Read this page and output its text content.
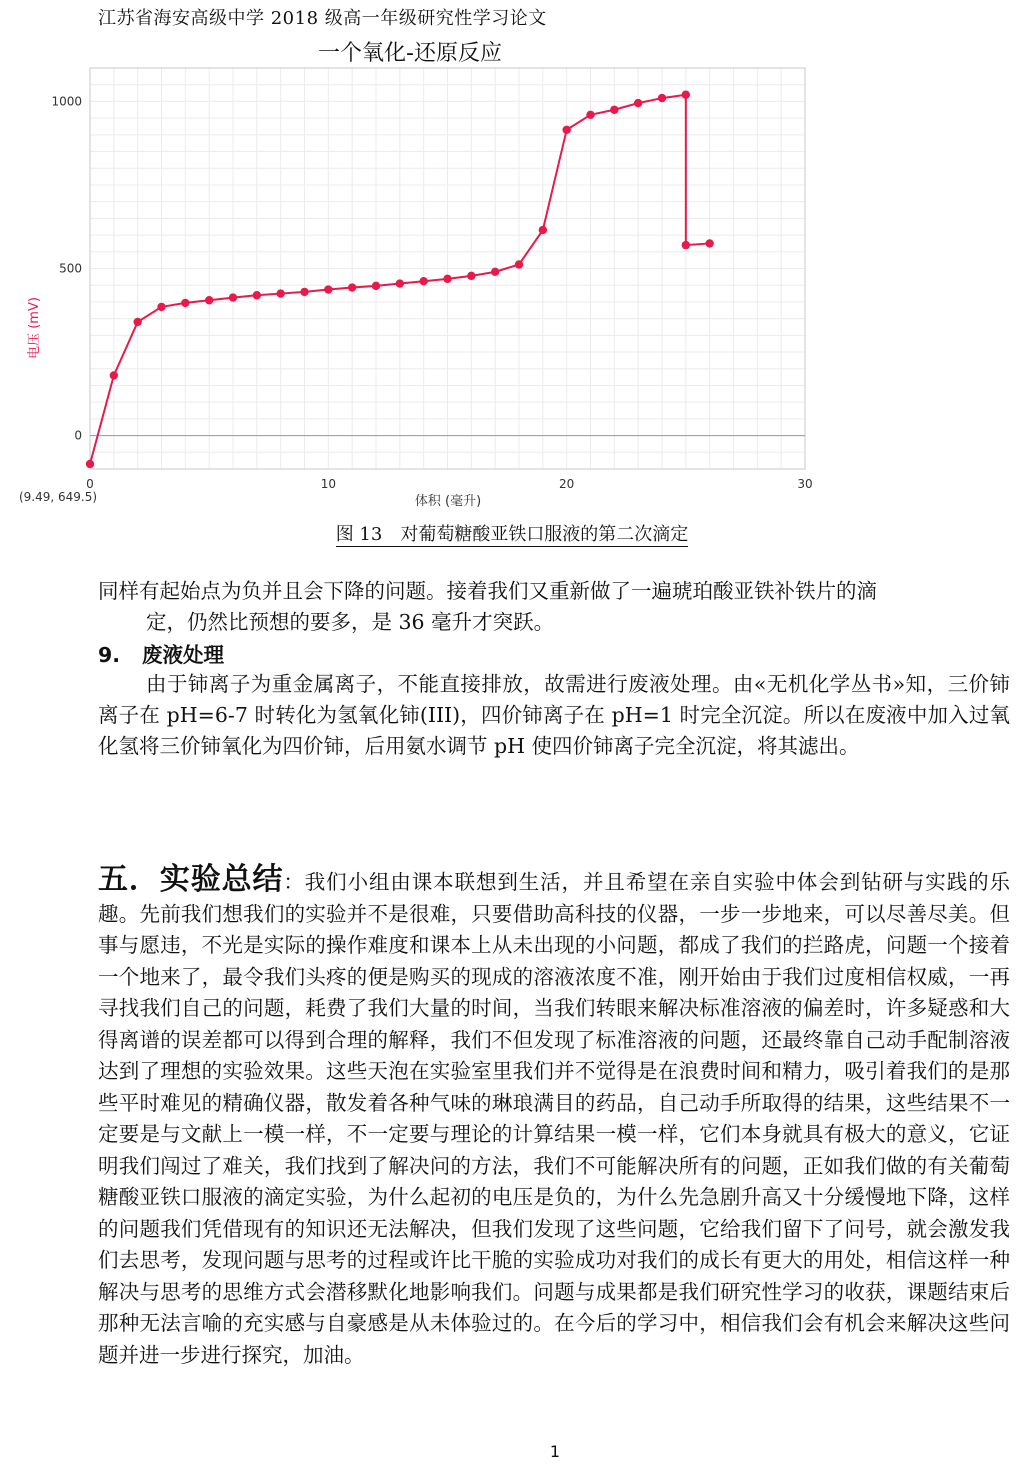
江苏省海安高级中学 2018 级高一年级研究性学习论文
一个氧化-还原反应
0	10	20	30
0
500
1000
电压 (mV)
体积 (毫升)
(9.49, 649.5)
图 13　对葡萄糖酸亚铁口服液的第二次滴定
同样有起始点为负并且会下降的问题。接着我们又重新做了一遍琥珀酸亚铁补铁片的滴
定，仍然比预想的要多，是 36 毫升才突跃。
9. 废液处理
由于铈离子为重金属离子，不能直接排放，故需进行废液处理。由«无机化学丛书»知，三价铈离子在 pH=6-7 时转化为氢氧化铈(III)，四价铈离子在 pH=1 时完全沉淀。所以在废液中加入过氧化氢将三价铈氧化为四价铈，后用氨水调节 pH 使四价铈离子完全沉淀，将其滤出。
五．实验总结：我们小组由课本联想到生活，并且希望在亲自实验中体会到钻研与实践的乐趣。先前我们想我们的实验并不是很难，只要借助高科技的仪器，一步一步地来，可以尽善尽美。但事与愿违，不光是实际的操作难度和课本上从未出现的小问题，都成了我们的拦路虎，问题一个接着一个地来了，最令我们头疼的便是购买的现成的溶液浓度不准，刚开始由于我们过度相信权威，一再寻找我们自己的问题，耗费了我们大量的时间，当我们转眼来解决标准溶液的偏差时，许多疑惑和大得离谱的误差都可以得到合理的解释，我们不但发现了标准溶液的问题，还最终靠自己动手配制溶液达到了理想的实验效果。这些天泡在实验室里我们并不觉得是在浪费时间和精力，吸引着我们的是那些平时难见的精确仪器，散发着各种气味的琳琅满目的药品，自己动手所取得的结果，这些结果不一定要是与文献上一模一样，不一定要与理论的计算结果一模一样，它们本身就具有极大的意义，它证明我们闯过了难关，我们找到了解决问的方法，我们不可能解决所有的问题，正如我们做的有关葡萄糖酸亚铁口服液的滴定实验，为什么起初的电压是负的，为什么先急剧升高又十分缓慢地下降，这样的问题我们凭借现有的知识还无法解决，但我们发现了这些问题，它给我们留下了问号，就会激发我们去思考，发现问题与思考的过程或许比干脆的实验成功对我们的成长有更大的用处，相信这样一种解决与思考的思维方式会潜移默化地影响我们。问题与成果都是我们研究性学习的收获，课题结束后那种无法言喻的充实感与自豪感是从未体验过的。在今后的学习中，相信我们会有机会来解决这些问题并进一步进行探究，加油。
1
